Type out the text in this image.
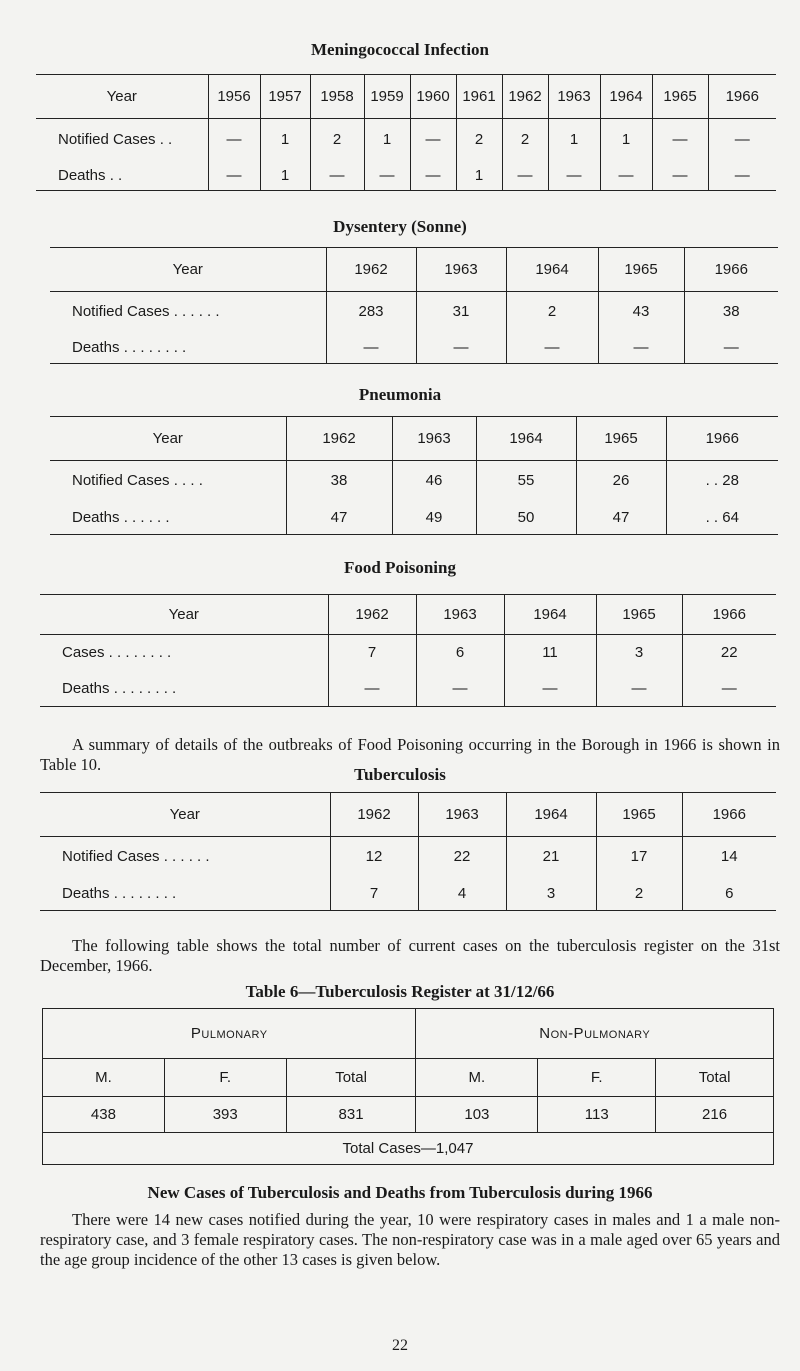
Meningococcal Infection
Year	1956	1957	1958	1959	1960	1961	1962	1963	1964	1965	1966
Notified Cases . .	—	1	2	1	—	2	2	1	1	—	—
Deaths . .	—	1	—	—	—	1	—	—	—	—	—
Dysentery (Sonne)
Year	1962	1963	1964	1965	1966
Notified Cases . . . . . .	283	31	2	43	38
Deaths . . . . . . . .	—	—	—	—	—
Pneumonia
Year	1962	1963	1964	1965	1966
Notified Cases . . . .	38	46	55	26	. . 28
Deaths . . . . . .	47	49	50	47	. . 64
Food Poisoning
Year	1962	1963	1964	1965	1966
Cases . . . . . . . .	7	6	11	3	22
Deaths . . . . . . . .	—	—	—	—	—
A summary of details of the outbreaks of Food Poisoning occurring in the Borough in 1966 is shown in Table 10.
Tuberculosis
Year	1962	1963	1964	1965	1966
Notified Cases . . . . . .	12	22	21	17	14
Deaths . . . . . . . .	7	4	3	2	6
The following table shows the total number of current cases on the tuberculosis register on the 31st December, 1966.
Table 6—Tuberculosis Register at 31/12/66
Pulmonary			Non-Pulmonary		
M.	F.	Total	M.	F.	Total
438	393	831	103	113	216
Total Cases—1,047					
New Cases of Tuberculosis and Deaths from Tuberculosis during 1966
There were 14 new cases notified during the year, 10 were respiratory cases in males and 1 a male non-respiratory case, and 3 female respiratory cases. The non-respiratory case was in a male aged over 65 years and the age group incidence of the other 13 cases is given below.
22
